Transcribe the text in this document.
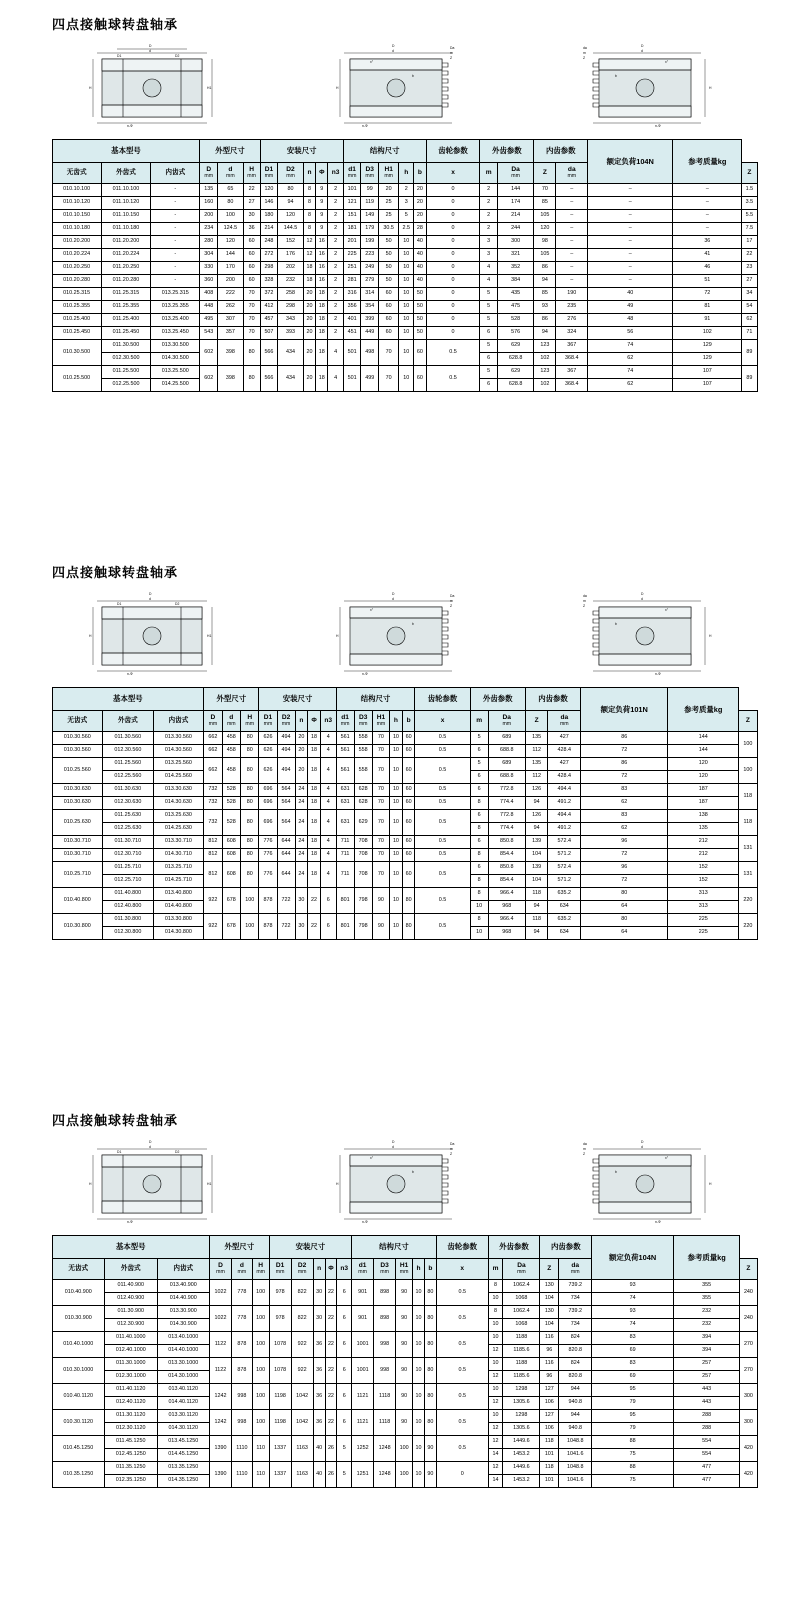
四点接触球转盘轴承
D
d
H	H1
D1	D2
n-Φ
Da
m
Z
D
d
H
n-Φ
b
x°
da
m
Z
D
d
H
n-Φ
b
x°
基本型号			外型尺寸			安装尺寸					结构尺寸					齿轮参数	外齿参数		内齿参数		额定负荷104N	参考质量kg	
无齿式	外齿式	内齿式	D
mm	d
mm	H
mm	D1
mm	D2
mm	n	Φ	n3	d1
mm	D3
mm	H1
mm	h	b	x	m	Da
mm	Z	da
mm			Z
010.10.100	011.10.100	-	135	65	22	120	80	8	9	2	101	99	20	2	20	0	2	144	70	–	–	–	1.5
010.10.120	011.10.120	-	160	80	27	146	94	8	9	2	121	119	25	3	20	0	2	174	85	–	–	–	3.5
010.10.150	011.10.150	-	200	100	30	180	120	8	9	2	151	149	25	5	20	0	2	214	105	–	–	–	5.5
010.10.180	011.10.180	-	234	124.5	36	214	144.5	8	9	2	181	179	30.5	2.5	28	0	2	244	120	–	–	–	7.5
010.20.200	011.20.200	-	280	120	60	248	152	12	16	2	201	199	50	10	40	0	3	300	98	–	–	36	17
010.20.224	011.20.224	-	304	144	60	272	176	12	16	2	225	223	50	10	40	0	3	321	105	–	–	41	22
010.20.250	011.20.250	-	330	170	60	298	202	18	16	2	251	249	50	10	40	0	4	352	86	–	–	46	23
010.20.280	011.20.280	-	360	200	60	328	232	18	16	2	281	279	50	10	40	0	4	384	94	–	–	51	27
010.25.315	011.25.315	013.25.315	408	222	70	372	258	20	18	2	316	314	60	10	50	0	5	435	85	190	40	72	34
010.25.355	011.25.355	013.25.355	448	262	70	412	298	20	18	2	356	354	60	10	50	0	5	475	93	235	49	81	54
010.25.400	011.25.400	013.25.400	495	307	70	457	343	20	18	2	401	399	60	10	50	0	5	528	86	276	48	91	62
010.25.450	011.25.450	013.25.450	543	357	70	507	393	20	18	2	451	449	60	10	50	0	6	576	94	324	56	102	71
010.30.500	011.30.500	013.30.500	602	398	80	566	434	20	18	4	501	498	70	10	60	0.5	5	629	123	367	74	129	89
	012.30.500	014.30.500															6	628.8	102	368.4	62	129	
010.25.500	011.25.500	013.25.500	602	398	80	566	434	20	18	4	501	499	70	10	60	0.5	5	629	123	367	74	107	89
	012.25.500	014.25.500															6	628.8	102	368.4	62	107	
四点接触球转盘轴承
D
d
H	H1
D1	D2
n-Φ
Da
m
Z
D
d
H
n-Φ
b
x°
da
m
Z
D
d
H
n-Φ
b
x°
基本型号			外型尺寸			安装尺寸					结构尺寸					齿轮参数	外齿参数		内齿参数		额定负荷101N	参考质量kg	
无齿式	外齿式	内齿式	D
mm	d
mm	H
mm	D1
mm	D2
mm	n	Φ	n3	d1
mm	D3
mm	H1
mm	h	b	x	m	Da
mm	Z	da
mm			Z
010.30.560	011.30.560	013.30.560	662	458	80	626	494	20	18	4	561	558	70	10	60	0.5	5	689	135	427	86	144	100
010.30.560	012.30.560	014.30.560	662	458	80	626	494	20	18	4	561	558	70	10	60	0.5	6	688.8	112	428.4	72	144	
010.25.560	011.25.560	013.25.560	662	458	80	626	494	20	18	4	561	558	70	10	60	0.5	5	689	135	427	86	120	100
	012.25.560	014.25.560															6	688.8	112	428.4	72	120	
010.30.630	011.30.630	013.30.630	732	528	80	696	564	24	18	4	631	628	70	10	60	0.5	6	772.8	126	494.4	83	187	118
010.30.630	012.30.630	014.30.630	732	528	80	696	564	24	18	4	631	628	70	10	60	0.5	8	774.4	94	491.2	62	187	
010.25.630	011.25.630	013.25.630	732	528	80	696	564	24	18	4	631	629	70	10	60	0.5	6	772.8	126	494.4	83	138	118
	012.25.630	014.25.630															8	774.4	94	491.2	62	135	
010.30.710	011.30.710	013.30.710	812	608	80	776	644	24	18	4	711	708	70	10	60	0.5	6	850.8	139	572.4	96	212	131
010.30.710	012.30.710	014.30.710	812	608	80	776	644	24	18	4	711	708	70	10	60	0.5	8	854.4	104	571.2	72	212	
010.25.710	011.25.710	013.25.710	812	608	80	776	644	24	18	4	711	708	70	10	60	0.5	6	850.8	139	572.4	96	152	131
	012.25.710	014.25.710															8	854.4	104	571.2	72	152	
010.40.800	011.40.800	013.40.800	922	678	100	878	722	30	22	6	801	798	90	10	80	0.5	8	966.4	118	635.2	80	313	220
	012.40.800	014.40.800															10	968	94	634	64	313	
010.30.800	011.30.800	013.30.800	922	678	100	878	722	30	22	6	801	798	90	10	80	0.5	8	966.4	118	635.2	80	225	220
	012.30.800	014.30.800															10	968	94	634	64	225	
四点接触球转盘轴承
D
d
H	H1
D1	D2
n-Φ
Da
m
Z
D
d
H
n-Φ
b
x°
da
m
Z
D
d
H
n-Φ
b
x°
基本型号			外型尺寸			安装尺寸					结构尺寸					齿轮参数	外齿参数		内齿参数		额定负荷104N	参考质量kg	
无齿式	外齿式	内齿式	D
mm	d
mm	H
mm	D1
mm	D2
mm	n	Φ	n3	d1
mm	D3
mm	H1
mm	h	b	x	m	Da
mm	Z	da
mm			Z
010.40.900	011.40.900	013.40.900	1022	778	100	978	822	30	22	6	901	898	90	10	80	0.5	8	1062.4	130	739.2	93	355	240
	012.40.900	014.40.900															10	1068	104	734	74	355	
010.30.900	011.30.900	013.30.900	1022	778	100	978	822	30	22	6	901	898	90	10	80	0.5	8	1062.4	130	739.2	93	232	240
	012.30.900	014.30.900															10	1068	104	734	74	232	
010.40.1000	011.40.1000	013.40.1000	1122	878	100	1078	922	36	22	6	1001	998	90	10	80	0.5	10	1188	116	824	83	394	270
	012.40.1000	014.40.1000															12	1185.6	96	820.8	69	394	
010.30.1000	011.30.1000	013.30.1000	1122	878	100	1078	922	36	22	6	1001	998	90	10	80	0.5	10	1188	116	824	83	257	270
	012.30.1000	014.30.1000															12	1185.6	96	820.8	69	257	
010.40.1120	011.40.1120	013.40.1120	1242	998	100	1198	1042	36	22	6	1121	1118	90	10	80	0.5	10	1298	127	944	95	443	300
	012.40.1120	014.40.1120															12	1305.6	106	940.8	79	443	
010.30.1120	011.30.1120	013.30.1120	1242	998	100	1198	1042	36	22	6	1121	1118	90	10	80	0.5	10	1298	127	944	95	288	300
	012.30.1120	014.30.1120															12	1305.6	106	940.8	79	288	
010.45.1250	011.45.1250	013.45.1250	1390	1110	110	1337	1163	40	26	5	1252	1248	100	10	90	0.5	12	1449.6	118	1048.8	88	554	420
	012.45.1250	014.45.1250															14	1453.2	101	1041.6	75	554	
010.35.1250	011.35.1250	013.35.1250	1390	1110	110	1337	1163	40	26	5	1251	1248	100	10	90	0	12	1449.6	118	1048.8	88	477	420
	012.35.1250	014.35.1250															14	1453.2	101	1041.6	75	477	
